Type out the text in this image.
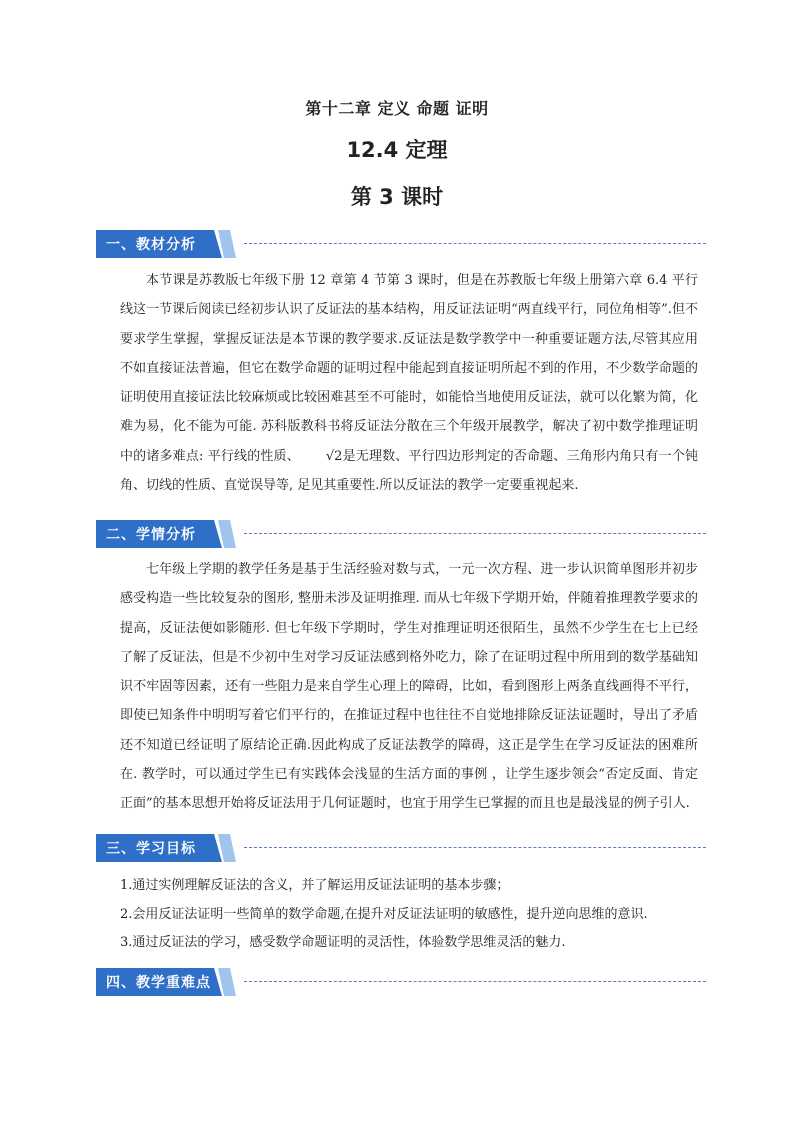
第十二章 定义 命题 证明
12.4 定理
第 3 课时
一、教材分析

本节课是苏教版七年级下册 12 章第 4 节第 3 课时，但是在苏教版七年级上册第六章 6.4 平行线这一节课后阅读已经初步认识了反证法的基本结构，用反证法证明“两直线平行，同位角相等”.但不要求学生掌握，掌握反证法是本节课的教学要求.反证法是数学教学中一种重要证题方法,尽管其应用不如直接证法普遍，但它在数学命题的证明过程中能起到直接证明所起不到的作用，不少数学命题的证明使用直接证法比较麻烦或比较困难甚至不可能时，如能恰当地使用反证法，就可以化繁为简，化难为易，化不能为可能. 苏科版教科书将反证法分散在三个年级开展教学，解决了初中数学推理证明中的诸多难点: 平行线的性质、 √2是无理数、平行四边形判定的否命题、三角形内角只有一个钝角、切线的性质、直觉误导等, 足见其重要性.所以反证法的教学一定要重视起来.

二、学情分析

七年级上学期的教学任务是基于生活经验对数与式，一元一次方程、进一步认识简单图形并初步感受构造一些比较复杂的图形, 整册未涉及证明推理. 而从七年级下学期开始，伴随着推理教学要求的提高，反证法便如影随形. 但七年级下学期时，学生对推理证明还很陌生，虽然不少学生在七上已经了解了反证法，但是不少初中生对学习反证法感到格外吃力，除了在证明过程中所用到的数学基础知识不牢固等因素，还有一些阻力是来自学生心理上的障碍，比如，看到图形上两条直线画得不平行，即使已知条件中明明写着它们平行的，在推证过程中也往往不自觉地排除反证法证题时，导出了矛盾还不知道已经证明了原结论正确.因此构成了反证法教学的障碍，这正是学生在学习反证法的困难所在. 教学时，可以通过学生已有实践体会浅显的生活方面的事例 ，让学生逐步领会“否定反面、肯定正面”的基本思想开始将反证法用于几何证题时，也宜于用学生已掌握的而且也是最浅显的例子引人.

三、学习目标
1.通过实例理解反证法的含义，并了解运用反证法证明的基本步骤；
2.会用反证法证明一些简单的数学命题,在提升对反证法证明的敏感性，提升逆向思维的意识.
3.通过反证法的学习，感受数学命题证明的灵活性，体验数学思维灵活的魅力.
四、教学重难点
